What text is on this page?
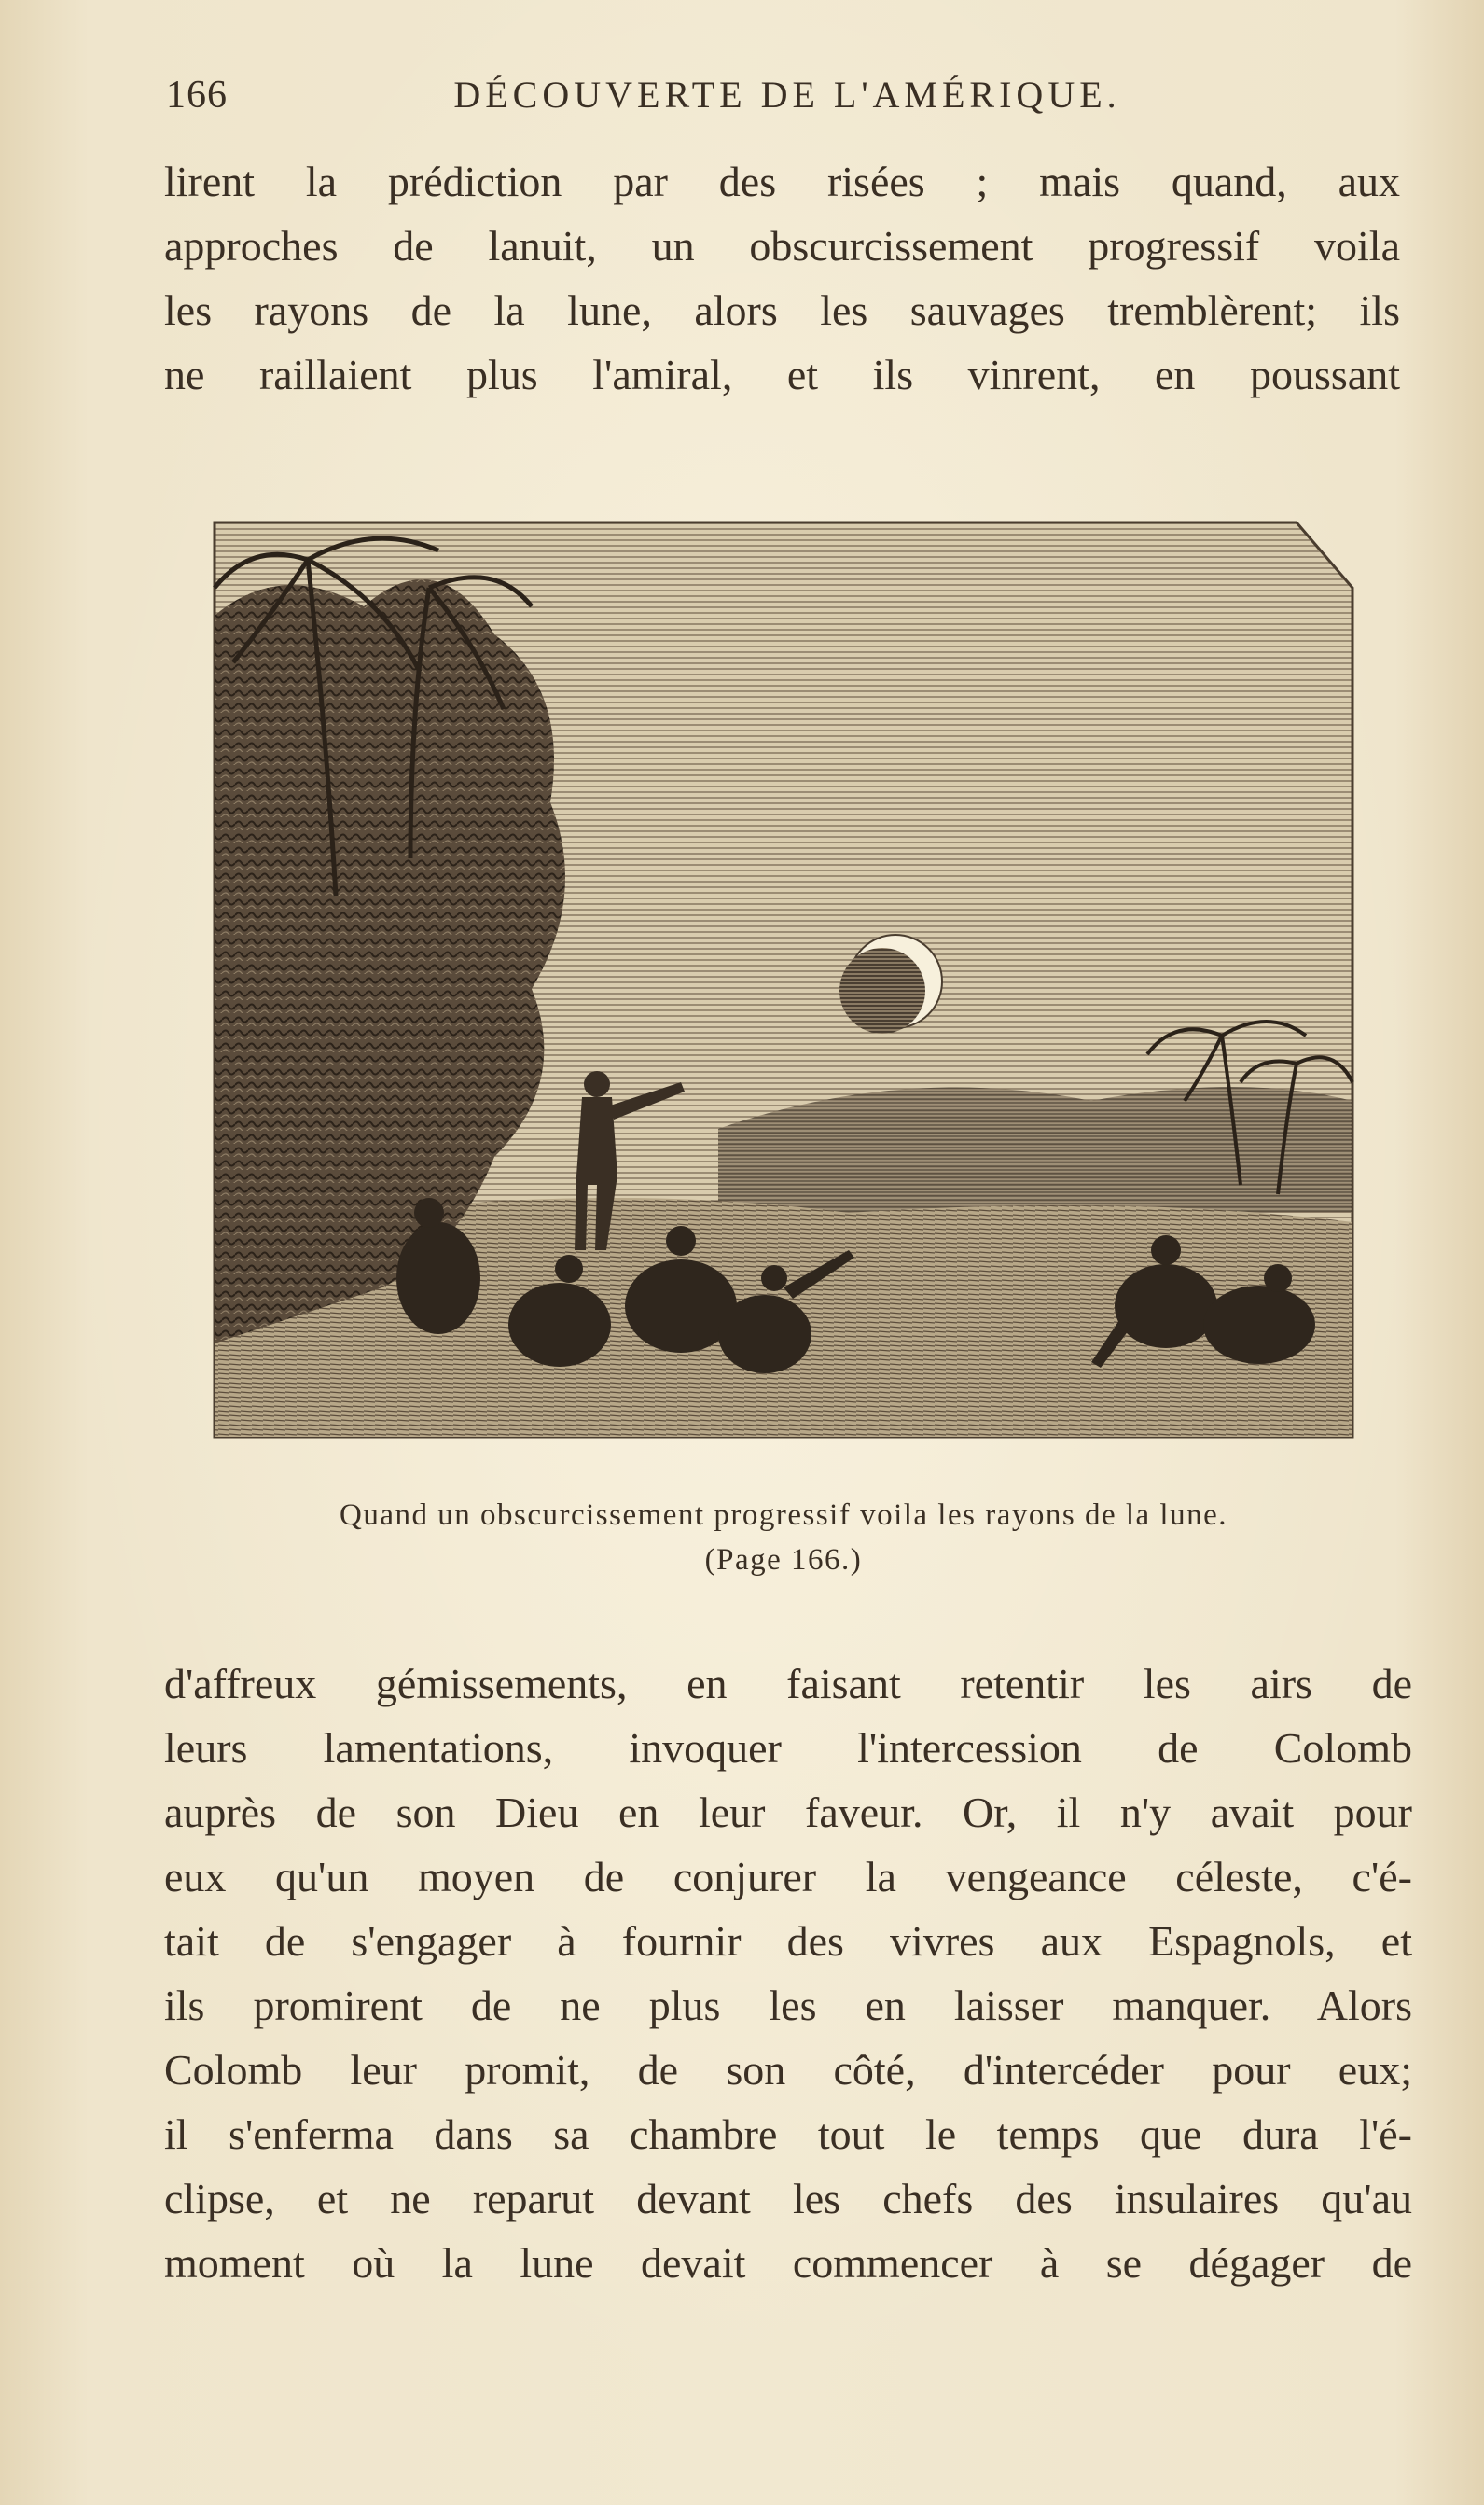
166	DÉCOUVERTE DE L'AMÉRIQUE.
lirent la prédiction par des risées ; mais quand, aux
approches de lanuit, un obscurcissement progressif voila
les rayons de la lune, alors les sauvages tremblèrent; ils
ne raillaient plus l'amiral, et ils vinrent, en poussant
Quand un obscurcissement progressif voila les rayons de la lune.
(Page 166.)
d'affreux gémissements, en faisant retentir les airs de
leurs lamentations, invoquer l'intercession de Colomb
auprès de son Dieu en leur faveur. Or, il n'y avait pour
eux qu'un moyen de conjurer la vengeance céleste, c'é-
tait de s'engager à fournir des vivres aux Espagnols, et
ils promirent de ne plus les en laisser manquer. Alors
Colomb leur promit, de son côté, d'intercéder pour eux;
il s'enferma dans sa chambre tout le temps que dura l'é-
clipse, et ne reparut devant les chefs des insulaires qu'au
moment où la lune devait commencer à se dégager de
